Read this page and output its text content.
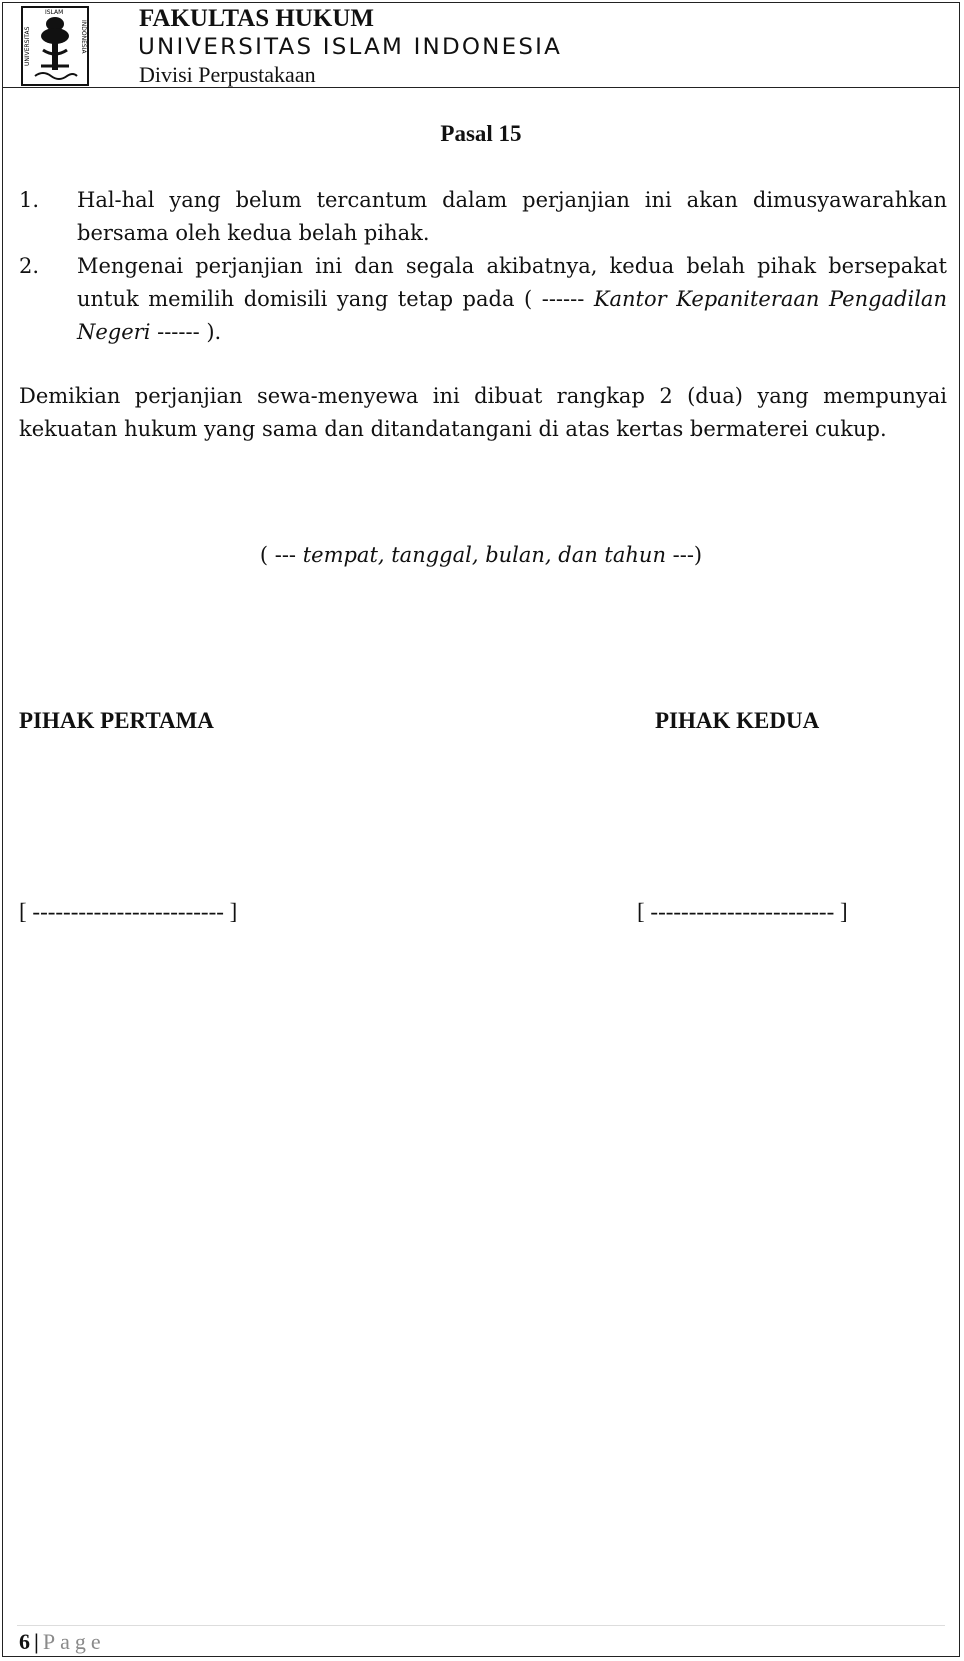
UNIVERSITAS
ISLAM
INDONESIA
FAKULTAS HUKUM
UNIVERSITAS ISLAM INDONESIA
Divisi Perpustakaan
Pasal 15
1. Hal-hal yang belum tercantum dalam perjanjian ini akan dimusyawarahkan bersama oleh kedua belah pihak.
2. Mengenai perjanjian ini dan segala akibatnya, kedua belah pihak bersepakat untuk memilih domisili yang tetap pada ( ------ Kantor Kepaniteraan Pengadilan Negeri ------ ).
Demikian perjanjian sewa-menyewa ini dibuat rangkap 2 (dua) yang mempunyai kekuatan hukum yang sama dan ditandatangani di atas kertas bermaterei cukup.
( --- tempat, tanggal, bulan, dan tahun ---)
PIHAK PERTAMA	PIHAK KEDUA
[ ------------------------- ]	[ ------------------------ ]
6 | Page
